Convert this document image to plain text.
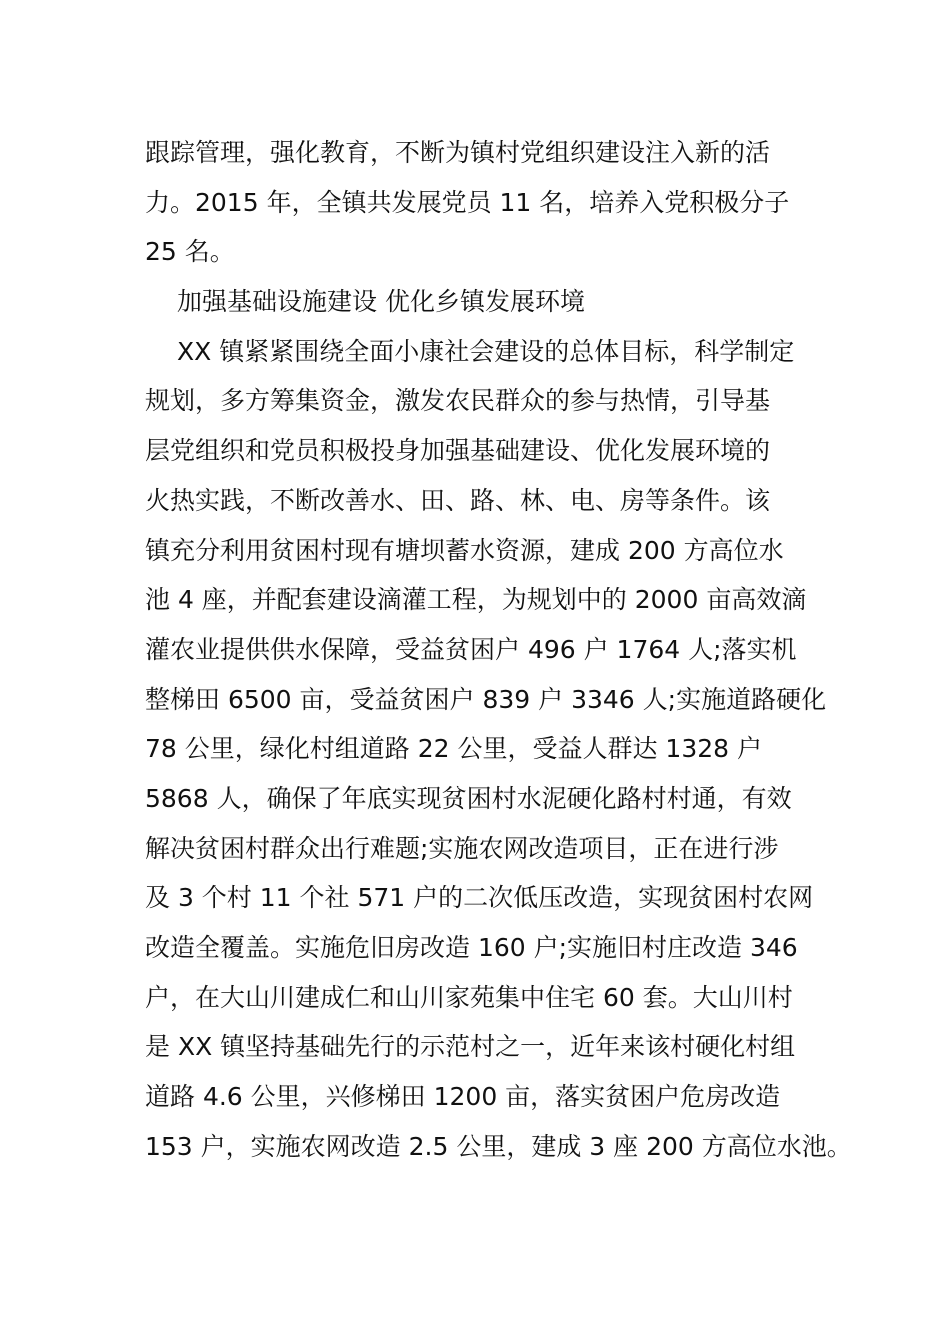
跟踪管理，强化教育，不断为镇村党组织建设注入新的活
力。2015 年，全镇共发展党员 11 名，培养入党积极分子
25 名。
加强基础设施建设 优化乡镇发展环境
XX 镇紧紧围绕全面小康社会建设的总体目标，科学制定
规划，多方筹集资金，激发农民群众的参与热情，引导基
层党组织和党员积极投身加强基础建设、优化发展环境的
火热实践，不断改善水、田、路、林、电、房等条件。该
镇充分利用贫困村现有塘坝蓄水资源，建成 200 方高位水
池 4 座，并配套建设滴灌工程，为规划中的 2000 亩高效滴
灌农业提供供水保障，受益贫困户 496 户 1764 人;落实机
整梯田 6500 亩，受益贫困户 839 户 3346 人;实施道路硬化
78 公里，绿化村组道路 22 公里，受益人群达 1328 户
5868 人，确保了年底实现贫困村水泥硬化路村村通，有效
解决贫困村群众出行难题;实施农网改造项目，正在进行涉
及 3 个村 11 个社 571 户的二次低压改造，实现贫困村农网
改造全覆盖。实施危旧房改造 160 户;实施旧村庄改造 346
户，在大山川建成仁和山川家苑集中住宅 60 套。大山川村
是 XX 镇坚持基础先行的示范村之一，近年来该村硬化村组
道路 4.6 公里，兴修梯田 1200 亩，落实贫困户危房改造
153 户，实施农网改造 2.5 公里，建成 3 座 200 方高位水池。
